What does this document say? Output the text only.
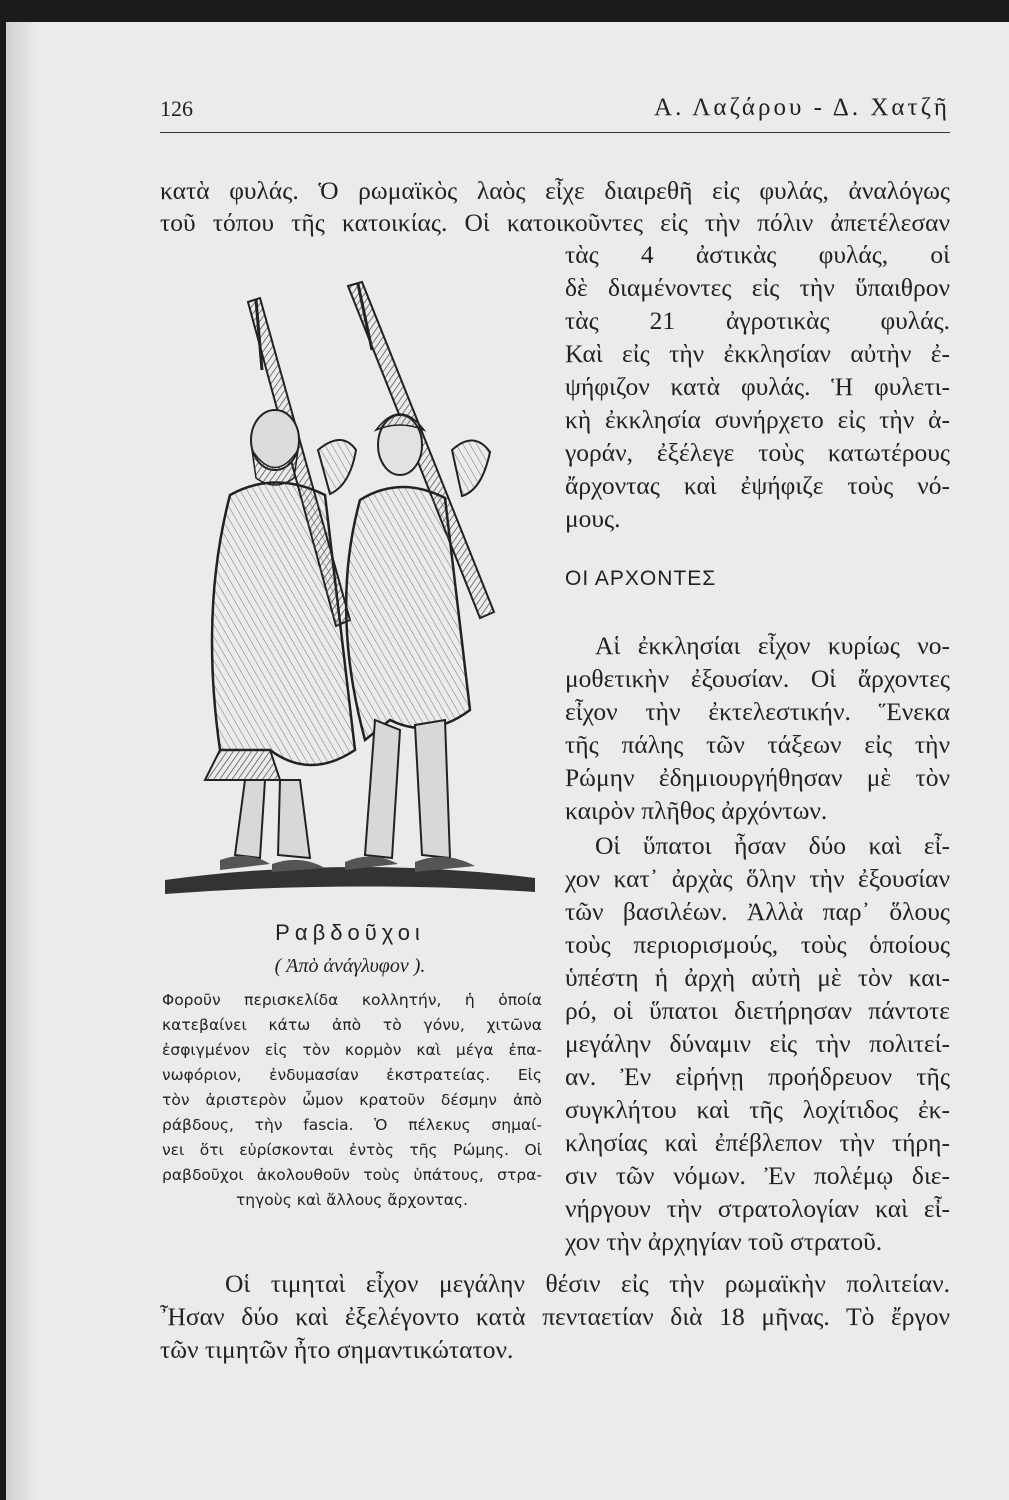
126	Α. Λαζάρου - Δ. Χατζῆ
κατὰ φυλάς. Ὁ ρωμαϊκὸς λαὸς εἶχε διαιρεθῆ εἰς φυλάς, ἀναλόγως
τοῦ τόπου τῆς κατοικίας. Οἱ κατοικοῦντες εἰς τὴν πόλιν ἀπετέλεσαν
τὰς 4 ἀστικὰς φυλάς, οἱ
δὲ διαμένοντες εἰς τὴν ὕπαιθρον
τὰς 21 ἀγροτικὰς φυλάς.
Καὶ εἰς τὴν ἐκκλησίαν αὐτὴν ἐ-
ψήφιζον κατὰ φυλάς. Ἡ φυλετι-
κὴ ἐκκλησία συνήρχετο εἰς τὴν ἀ-
γοράν, ἐξέλεγε τοὺς κατωτέρους
ἄρχοντας καὶ ἐψήφιζε τοὺς νό-
μους.
ΟΙ ΑΡΧΟΝΤΕΣ
Αἱ ἐκκλησίαι εἶχον κυρίως νο-
μοθετικὴν ἐξουσίαν. Οἱ ἄρχοντες
εἶχον τὴν ἐκτελεστικήν. Ἕνεκα
τῆς πάλης τῶν τάξεων εἰς τὴν
Ρώμην ἐδημιουργήθησαν μὲ τὸν
καιρὸν πλῆθος ἀρχόντων.
Οἱ ὕπατοι ἦσαν δύο καὶ εἶ-
χον κατ᾽ ἀρχὰς ὅλην τὴν ἐξουσίαν
τῶν βασιλέων. Ἀλλὰ παρ᾽ ὅλους
τοὺς περιορισμούς, τοὺς ὁποίους
ὑπέστη ἡ ἀρχὴ αὐτὴ μὲ τὸν και-
ρό, οἱ ὕπατοι διετήρησαν πάντοτε
μεγάλην δύναμιν εἰς τὴν πολιτεί-
αν. Ἐν εἰρήνῃ προήδρευον τῆς
συγκλήτου καὶ τῆς λοχίτιδος ἐκ-
κλησίας καὶ ἐπέβλεπον τὴν τήρη-
σιν τῶν νόμων. Ἐν πολέμῳ διε-
νήργουν τὴν στρατολογίαν καὶ εἶ-
χον τὴν ἀρχηγίαν τοῦ στρατοῦ.
Ραβδοῦχοι
( Ἀπὸ ἀνάγλυφον ).
Φοροῦν περισκελίδα κολλητήν, ἡ ὁποία
κατεβαίνει κάτω ἀπὸ τὸ γόνυ, χιτῶνα
ἐσφιγμένον εἰς τὸν κορμὸν καὶ μέγα ἐπα-
νωφόριον, ἐνδυμασίαν ἐκστρατείας. Εἰς
τὸν ἀριστερὸν ὦμον κρατοῦν δέσμην ἀπὸ
ράβδους, τὴν fascia. Ὁ πέλεκυς σημαί-
νει ὅτι εὑρίσκονται ἐντὸς τῆς Ρώμης. Οἱ
ραβδοῦχοι ἀκολουθοῦν τοὺς ὑπάτους, στρα-
τηγοὺς καὶ ἄλλους ἄρχοντας.
Οἱ τιμηταὶ εἶχον μεγάλην θέσιν εἰς τὴν ρωμαϊκὴν πολιτείαν.
Ἦσαν δύο καὶ ἐξελέγοντο κατὰ πενταετίαν διὰ 18 μῆνας. Τὸ ἔργον
τῶν τιμητῶν ἦτο σημαντικώτατον.
